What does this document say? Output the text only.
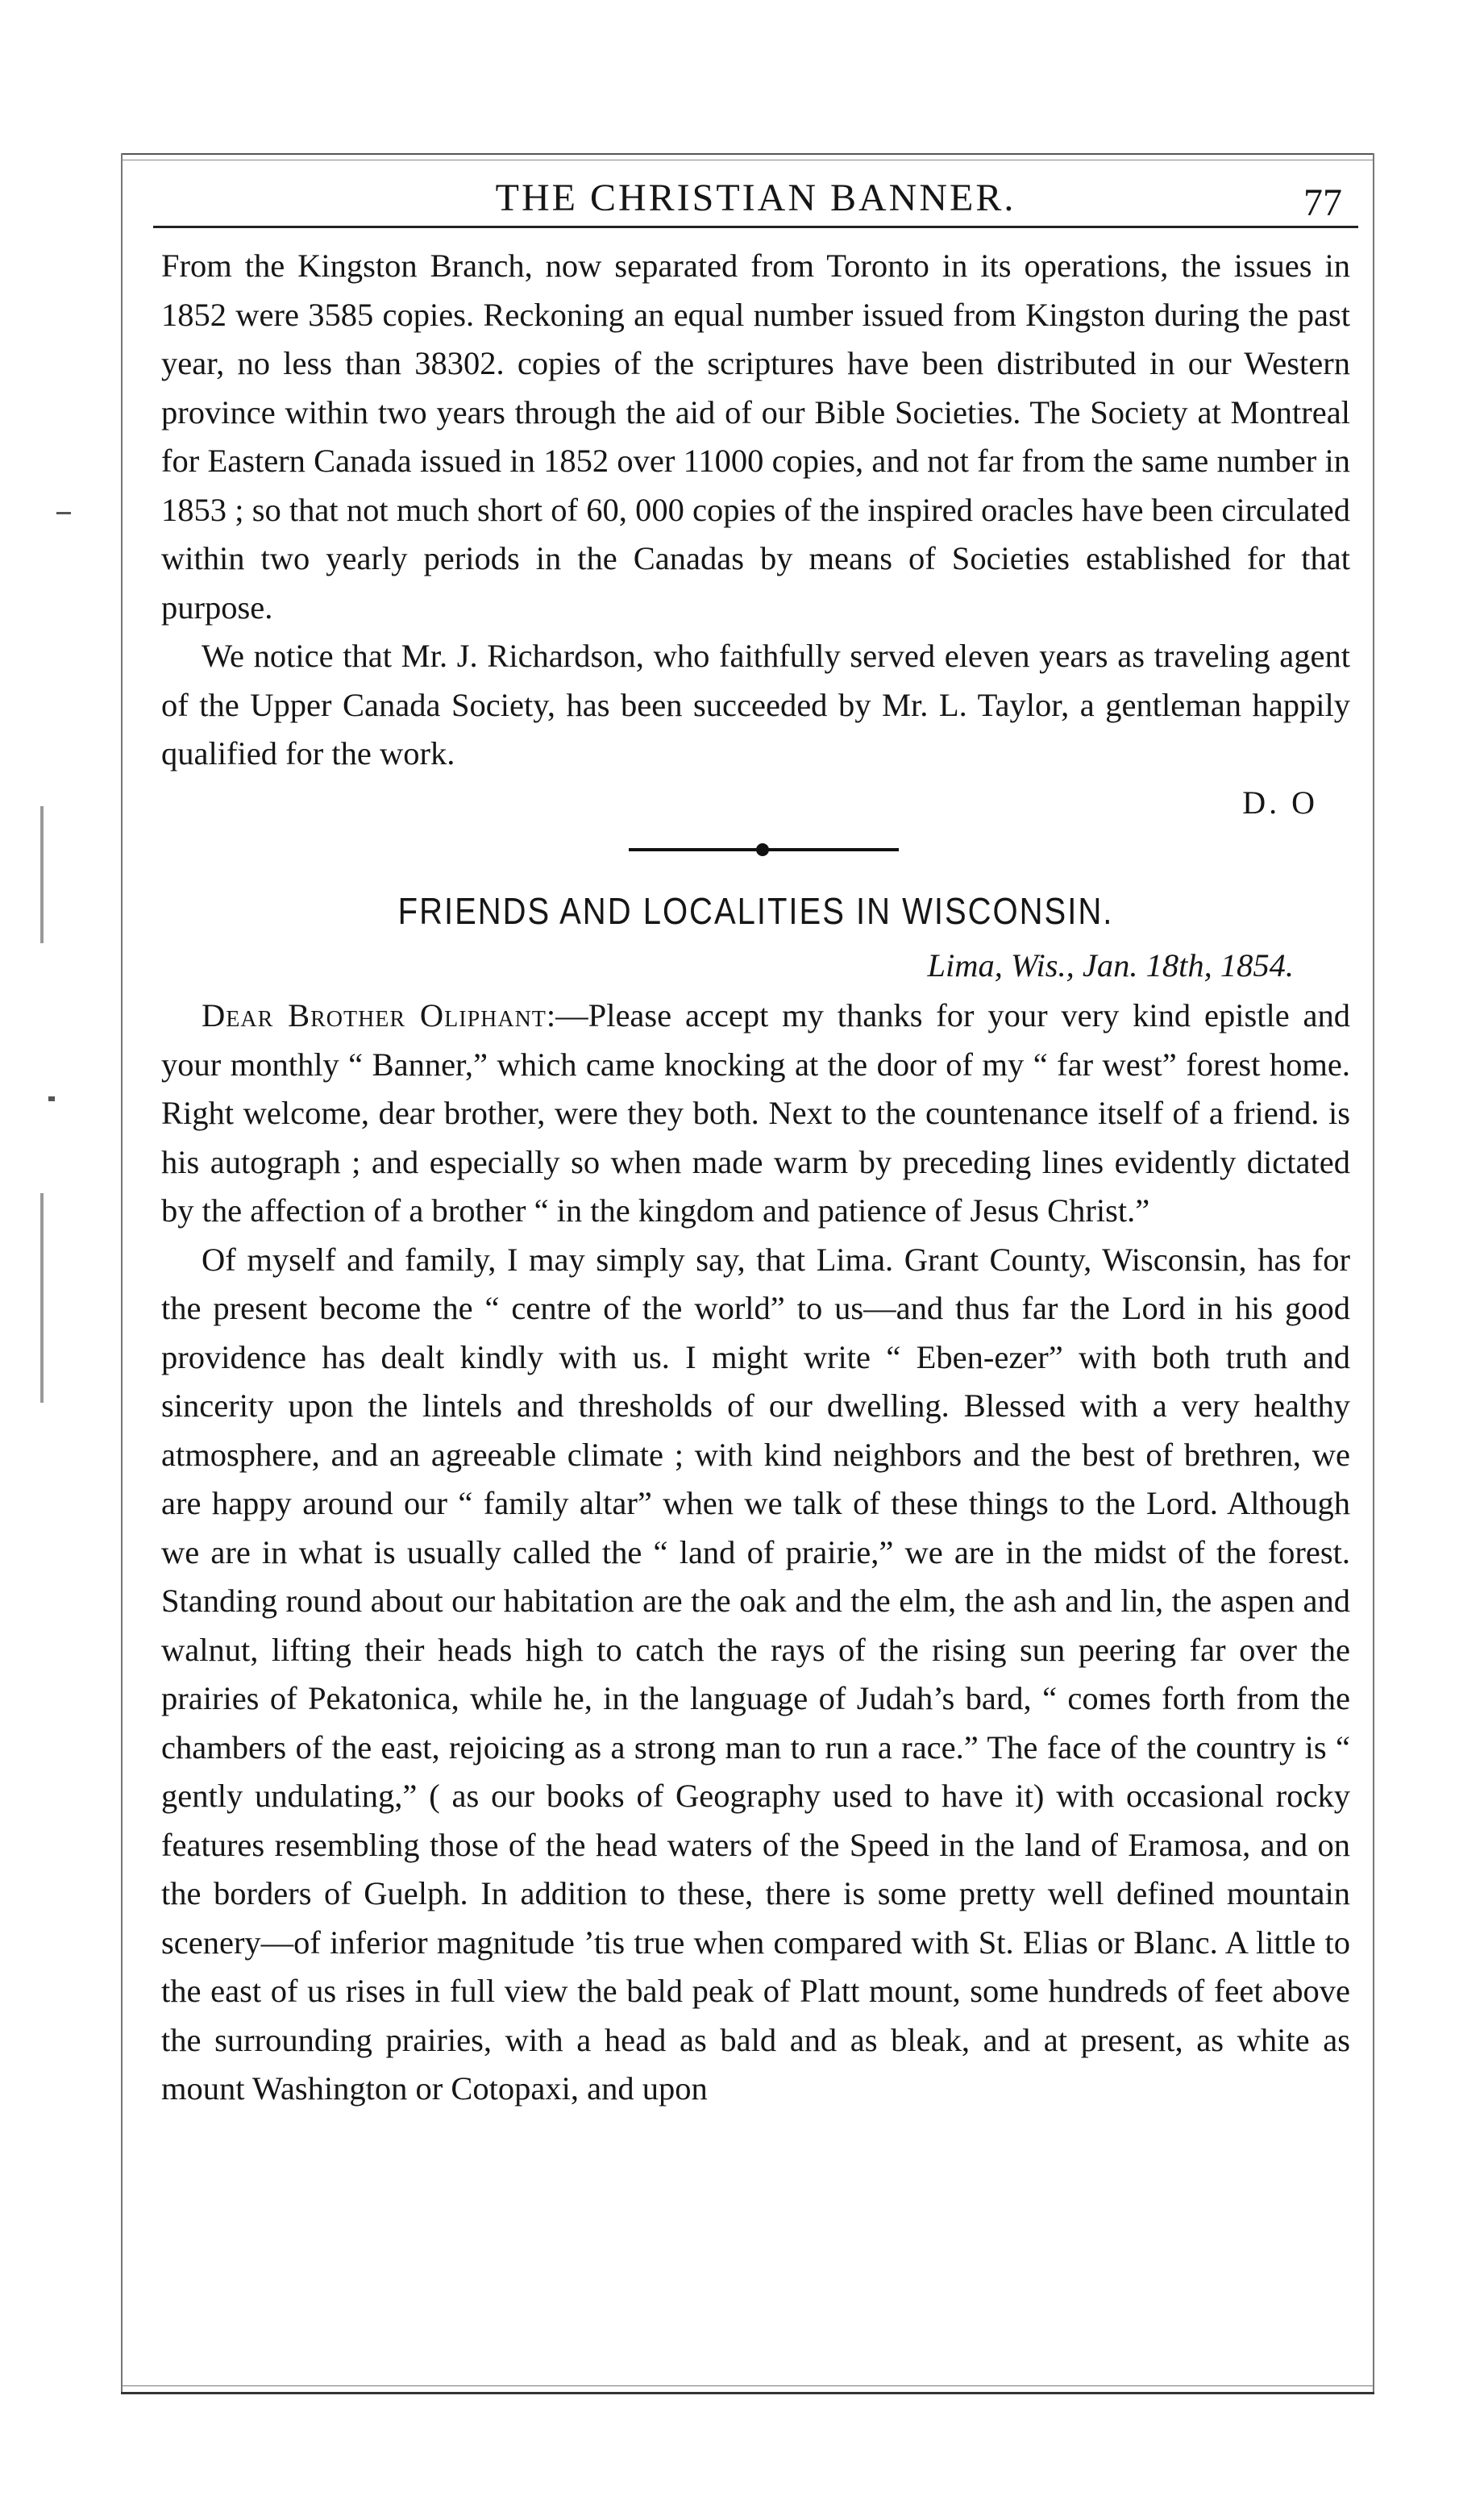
THE CHRISTIAN BANNER.	77

From the Kingston Branch, now separated from Toronto in its operations, the issues in 1852 were 3585 copies. Reckoning an equal number issued from Kingston during the past year, no less than 38302. copies of the scriptures have been distributed in our Western province within two years through the aid of our Bible Societies. The Society at Montreal for Eastern Canada issued in 1852 over 11000 copies, and not far from the same number in 1853 ; so that not much short of 60, 000 copies of the inspired oracles have been circulated within two yearly periods in the Canadas by means of Societies established for that purpose.

We notice that Mr. J. Richardson, who faithfully served eleven years as traveling agent of the Upper Canada Society, has been succeeded by Mr. L. Taylor, a gentleman happily qualified for the work.

D. O

FRIENDS AND LOCALITIES IN WISCONSIN.
Lima, Wis., Jan. 18th, 1854.

Dear Brother Oliphant:—Please accept my thanks for your very kind epistle and your monthly “ Banner,” which came knocking at the door of my “ far west” forest home. Right welcome, dear brother, were they both. Next to the countenance itself of a friend. is his autograph ; and especially so when made warm by preceding lines evidently dictated by the affection of a brother “ in the kingdom and patience of Jesus Christ.”

Of myself and family, I may simply say, that Lima. Grant County, Wisconsin, has for the present become the “ centre of the world” to us—and thus far the Lord in his good providence has dealt kindly with us. I might write “ Eben-ezer” with both truth and sincerity upon the lintels and thresholds of our dwelling. Blessed with a very healthy atmosphere, and an agreeable climate ; with kind neighbors and the best of brethren, we are happy around our “ family altar” when we talk of these things to the Lord. Although we are in what is usually called the “ land of prairie,” we are in the midst of the forest. Standing round about our habitation are the oak and the elm, the ash and lin, the aspen and walnut, lifting their heads high to catch the rays of the rising sun peering far over the prairies of Pekatonica, while he, in the language of Judah’s bard, “ comes forth from the chambers of the east, rejoicing as a strong man to run a race.” The face of the country is “ gently undulating,” ( as our books of Geography used to have it) with occasional rocky features resembling those of the head waters of the Speed in the land of Eramosa, and on the borders of Guelph. In addition to these, there is some pretty well defined mountain scenery—of inferior magnitude ’tis true when compared with St. Elias or Blanc. A little to the east of us rises in full view the bald peak of Platt mount, some hundreds of feet above the surrounding prairies, with a head as bald and as bleak, and at present, as white as mount Washington or Cotopaxi, and upon
